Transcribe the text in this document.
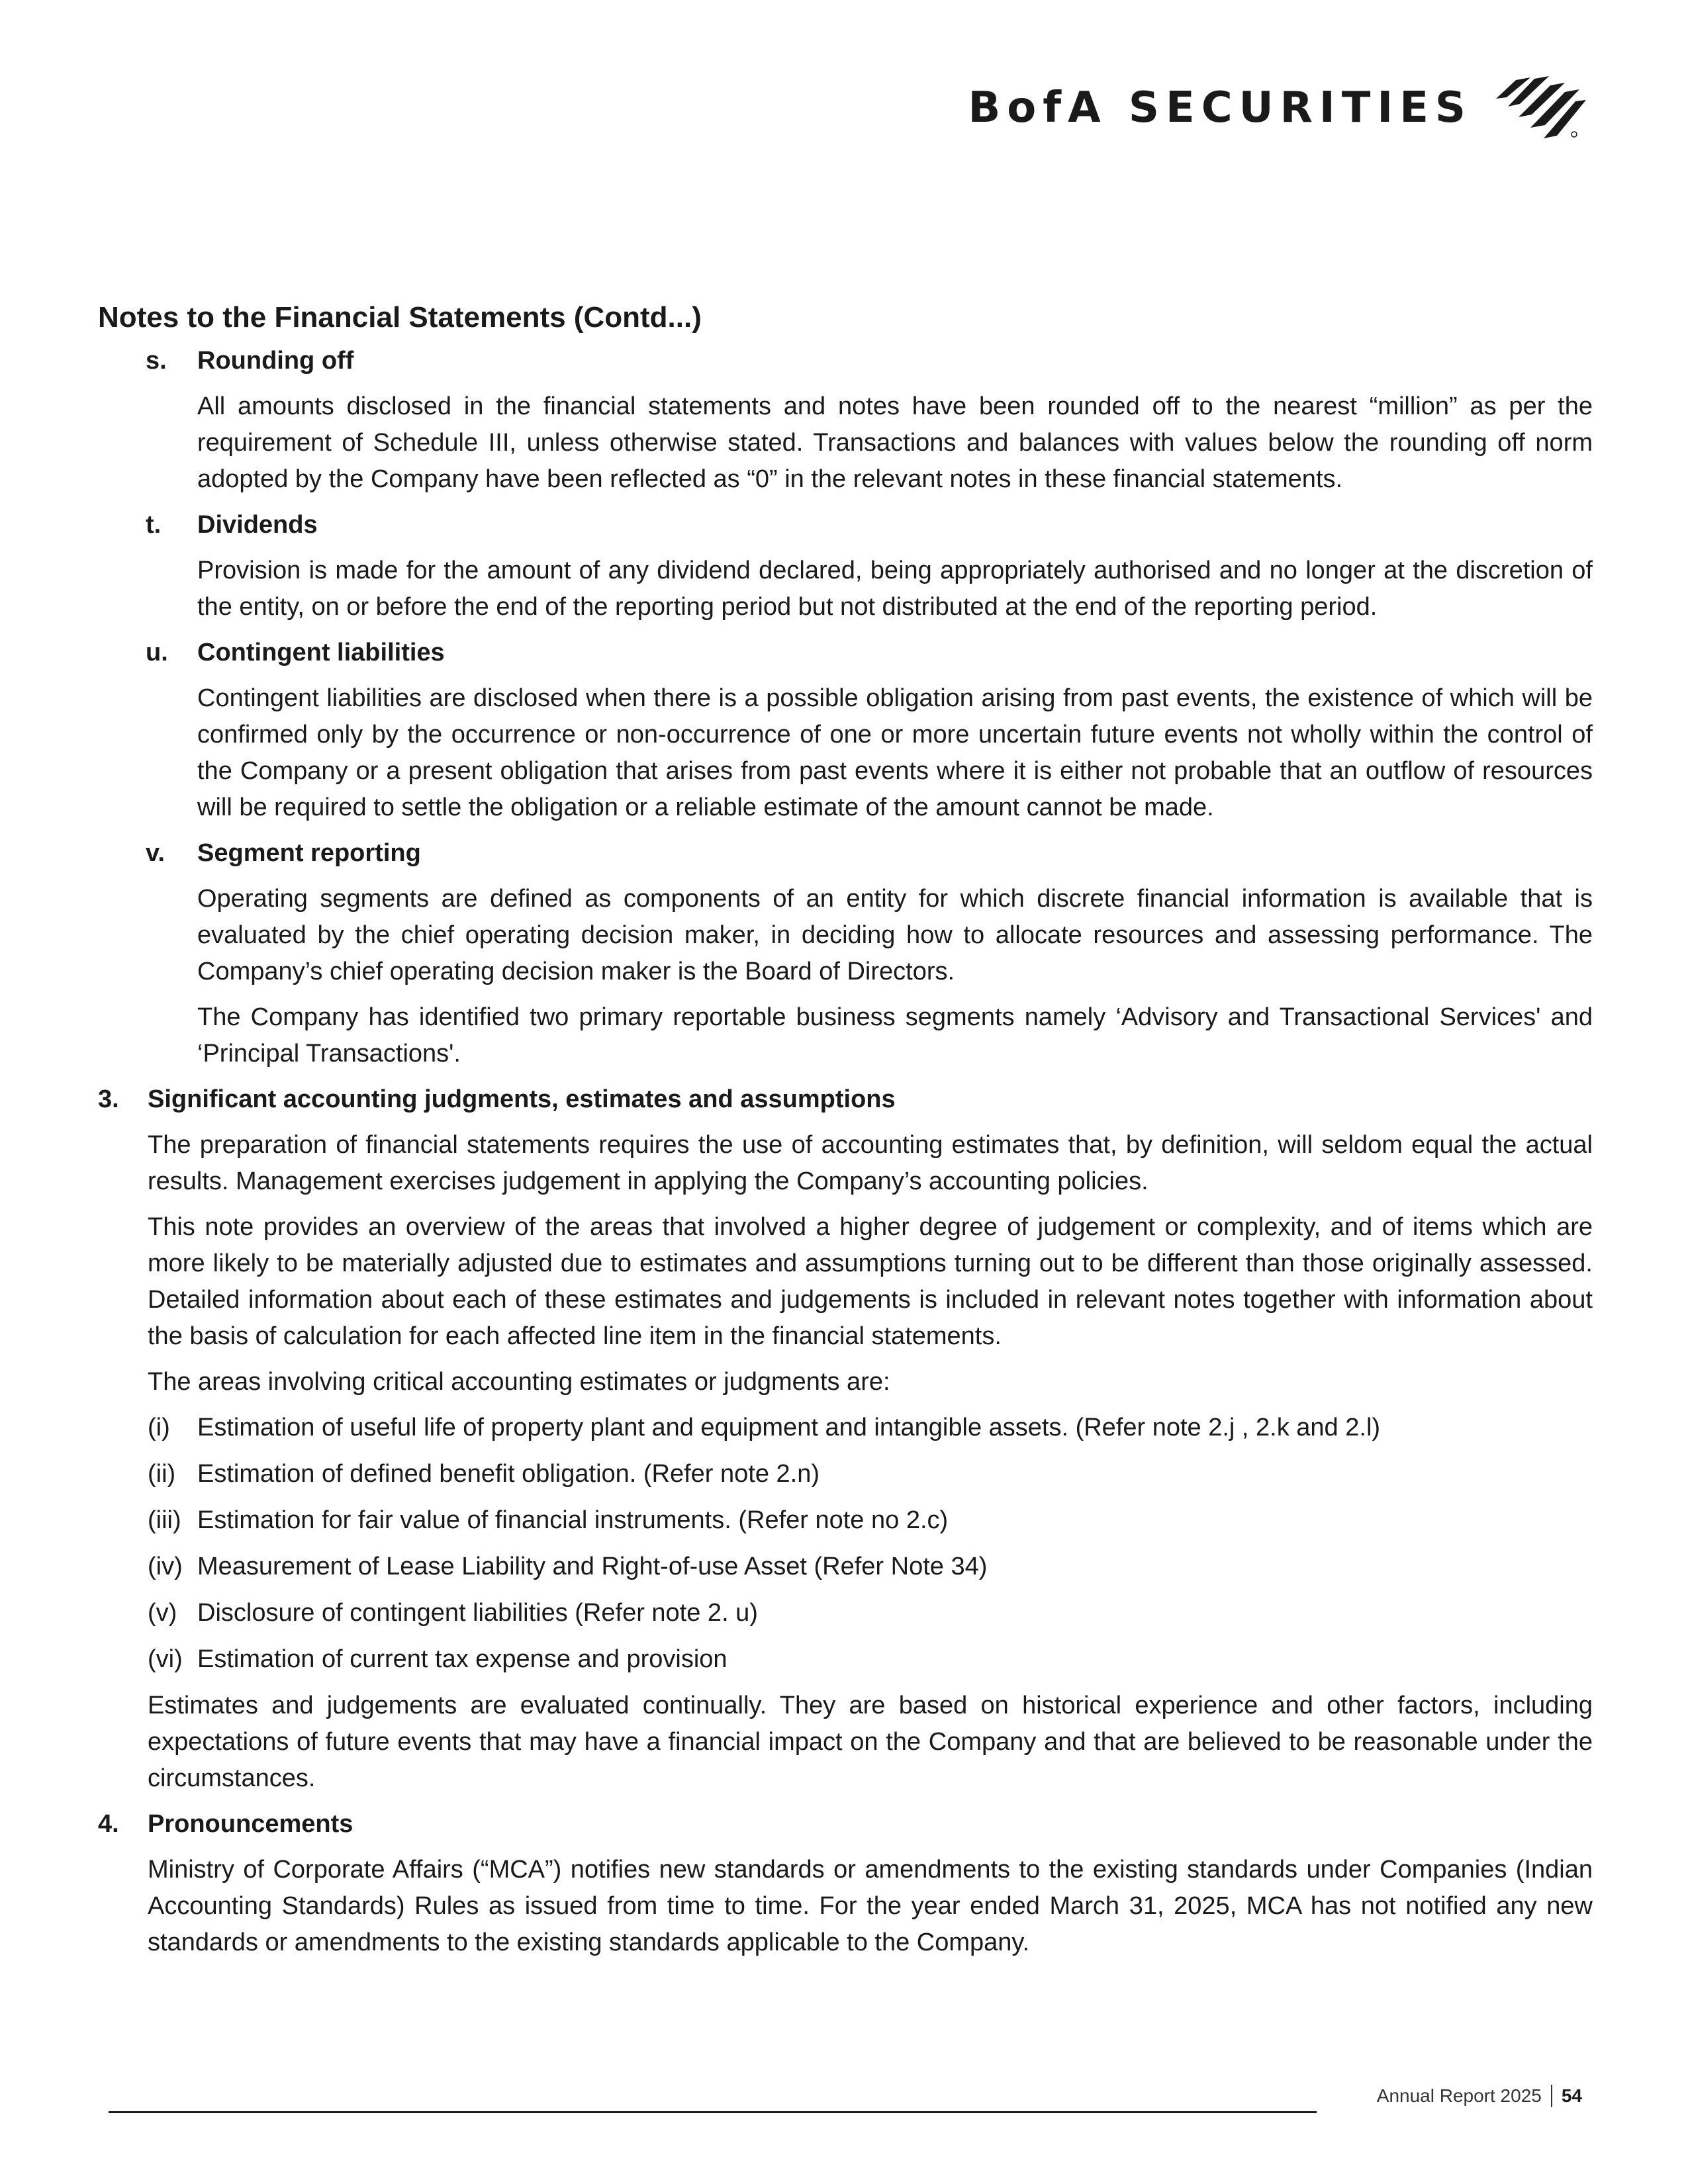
BofA SECURITIES
Notes to the Financial Statements (Contd...)
s. Rounding off

All amounts disclosed in the financial statements and notes have been rounded off to the nearest “million” as per the requirement of Schedule III, unless otherwise stated. Transactions and balances with values below the rounding off norm adopted by the Company have been reflected as “0” in the relevant notes in these financial statements.

t. Dividends

Provision is made for the amount of any dividend declared, being appropriately authorised and no longer at the discretion of the entity, on or before the end of the reporting period but not distributed at the end of the reporting period.

u. Contingent liabilities

Contingent liabilities are disclosed when there is a possible obligation arising from past events, the existence of which will be confirmed only by the occurrence or non-occurrence of one or more uncertain future events not wholly within the control of the Company or a present obligation that arises from past events where it is either not probable that an outflow of resources will be required to settle the obligation or a reliable estimate of the amount cannot be made.

v. Segment reporting

Operating segments are defined as components of an entity for which discrete financial information is available that is evaluated by the chief operating decision maker, in deciding how to allocate resources and assessing performance. The Company’s chief operating decision maker is the Board of Directors.

The Company has identified two primary reportable business segments namely ‘Advisory and Transactional Services' and ‘Principal Transactions'.

3. Significant accounting judgments, estimates and assumptions

The preparation of financial statements requires the use of accounting estimates that, by definition, will seldom equal the actual results. Management exercises judgement in applying the Company’s accounting policies.

This note provides an overview of the areas that involved a higher degree of judgement or complexity, and of items which are more likely to be materially adjusted due to estimates and assumptions turning out to be different than those originally assessed. Detailed information about each of these estimates and judgements is included in relevant notes together with information about the basis of calculation for each affected line item in the financial statements.

The areas involving critical accounting estimates or judgments are:

(i) Estimation of useful life of property plant and equipment and intangible assets. (Refer note 2.j , 2.k and 2.l)
(ii) Estimation of defined benefit obligation. (Refer note 2.n)
(iii) Estimation for fair value of financial instruments. (Refer note no 2.c)
(iv) Measurement of Lease Liability and Right-of-use Asset (Refer Note 34)
(v) Disclosure of contingent liabilities (Refer note 2. u)
(vi) Estimation of current tax expense and provision

Estimates and judgements are evaluated continually. They are based on historical experience and other factors, including expectations of future events that may have a financial impact on the Company and that are believed to be reasonable under the circumstances.

4. Pronouncements

Ministry of Corporate Affairs (“MCA”) notifies new standards or amendments to the existing standards under Companies (Indian Accounting Standards) Rules as issued from time to time. For the year ended March 31, 2025, MCA has not notified any new standards or amendments to the existing standards applicable to the Company.

Annual Report 2025 54
